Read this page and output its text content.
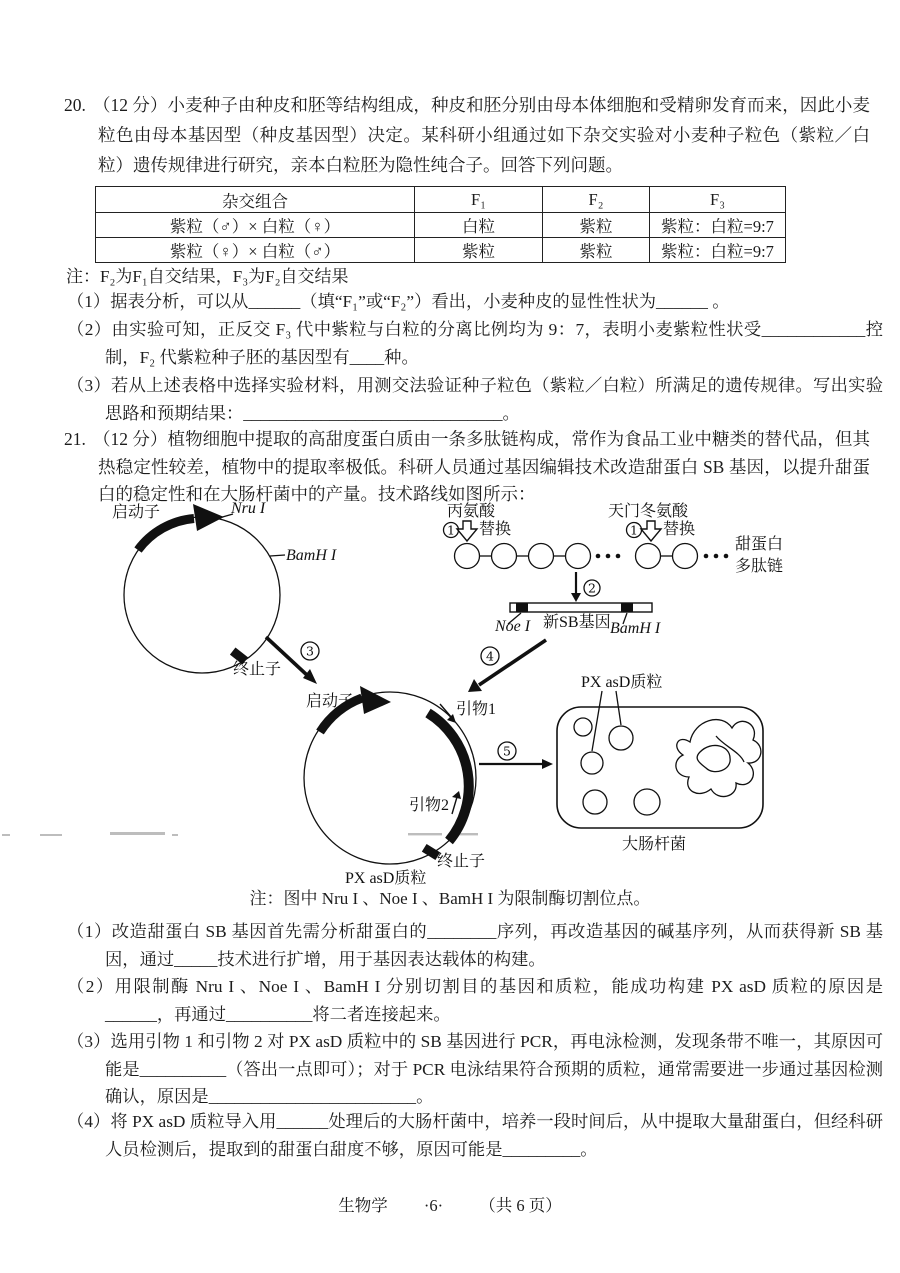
20. （12 分）小麦种子由种皮和胚等结构组成，种皮和胚分别由母本体细胞和受精卵发育而来，因此小麦粒色由母本基因型（种皮基因型）决定。某科研小组通过如下杂交实验对小麦种子粒色（紫粒／白粒）遗传规律进行研究，亲本白粒胚为隐性纯合子。回答下列问题。
杂交组合	F₁	F₂	F₃
紫粒（♂）× 白粒（♀）	白粒	紫粒	紫粒：白粒=9:7
紫粒（♀）× 白粒（♂）	紫粒	紫粒	紫粒：白粒=9:7
注：F₂为F₁自交结果，F₃为F₂自交结果
（1）据表分析，可以从______（填“F₁”或“F₂”）看出，小麦种皮的显性性状为______ 。
（2）由实验可知，正反交 F₃ 代中紫粒与白粒的分离比例均为 9：7，表明小麦紫粒性状受____________控制，F₂ 代紫粒种子胚的基因型有____种。
（3）若从上述表格中选择实验材料，用测交法验证种子粒色（紫粒／白粒）所满足的遗传规律。写出实验思路和预期结果：______________________________。
21. （12 分）植物细胞中提取的高甜度蛋白质由一条多肽链构成，常作为食品工业中糖类的替代品，但其热稳定性较差，植物中的提取率极低。科研人员通过基因编辑技术改造甜蛋白 SB 基因，以提升甜蛋白的稳定性和在大肠杆菌中的产量。技术路线如图所示：
启动子	Nru I
BamH I
终止子
3
丙氨酸
1 替换
天门冬氨酸
1 替换
甜蛋白
多肽链
2
Noe I 新SB基因 BamH I
4
启动子	引物1
引物2
终止子
PX asD质粒
5
PX asD质粒
大肠杆菌
注：图中 Nru I 、Noe I 、BamH I 为限制酶切割位点。
（1）改造甜蛋白 SB 基因首先需分析甜蛋白的________序列，再改造基因的碱基序列，从而获得新 SB 基因，通过_____技术进行扩增，用于基因表达载体的构建。
（2）用限制酶 Nru I 、Noe I 、BamH I 分别切割目的基因和质粒，能成功构建 PX asD 质粒的原因是______，再通过__________将二者连接起来。
（3）选用引物 1 和引物 2 对 PX asD 质粒中的 SB 基因进行 PCR，再电泳检测，发现条带不唯一，其原因可能是__________（答出一点即可）；对于 PCR 电泳结果符合预期的质粒，通常需要进一步通过基因检测确认，原因是________________________。
（4）将 PX asD 质粒导入用______处理后的大肠杆菌中，培养一段时间后，从中提取大量甜蛋白，但经科研人员检测后，提取到的甜蛋白甜度不够，原因可能是_________。
生物学 ·6· （共 6 页）
